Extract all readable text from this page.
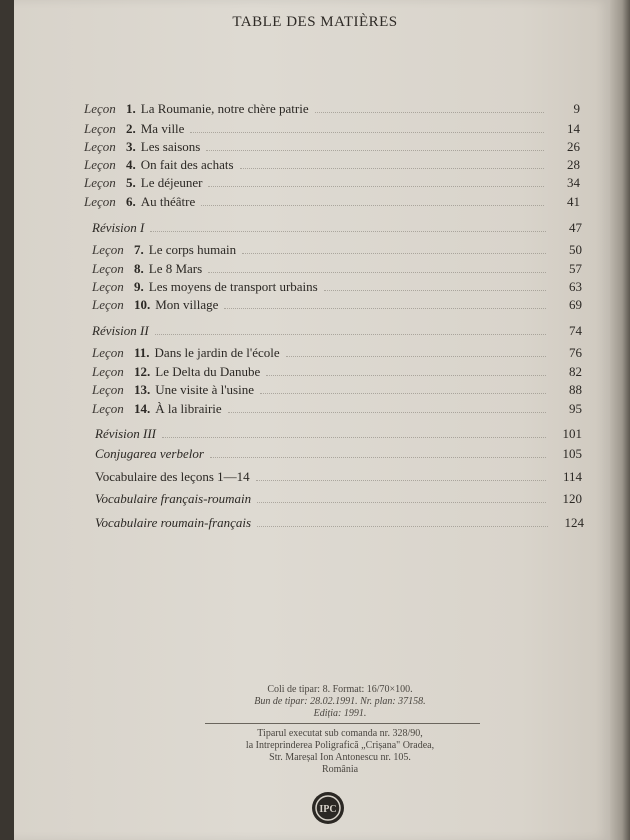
TABLE DES MATIÈRES
Leçon 1. La Roumanie, notre chère patrie	9
Leçon 2. Ma ville	14
Leçon 3. Les saisons	26
Leçon 4. On fait des achats	28
Leçon 5. Le déjeuner	34
Leçon 6. Au théâtre	41
Révision I	47
Leçon 7. Le corps humain	50
Leçon 8. Le 8 Mars	57
Leçon 9. Les moyens de transport urbains	63
Leçon 10. Mon village	69
Révision II	74
Leçon 11. Dans le jardin de l'école	76
Leçon 12. Le Delta du Danube	82
Leçon 13. Une visite à l'usine	88
Leçon 14. À la librairie	95
Révision III	101
Conjugarea verbelor	105
Vocabulaire des leçons 1—14	114
Vocabulaire français-roumain	120
Vocabulaire roumain-français	124
Coli de tipar: 8. Format: 16/70×100.
Bun de tipar: 28.02.1991. Nr. plan: 37158.
Ediția: 1991.
Tiparul executat sub comanda nr. 328/90,
la Intreprinderea Poligrafică „Crișana" Oradea,
Str. Mareșal Ion Antonescu nr. 105.
România
IPC
